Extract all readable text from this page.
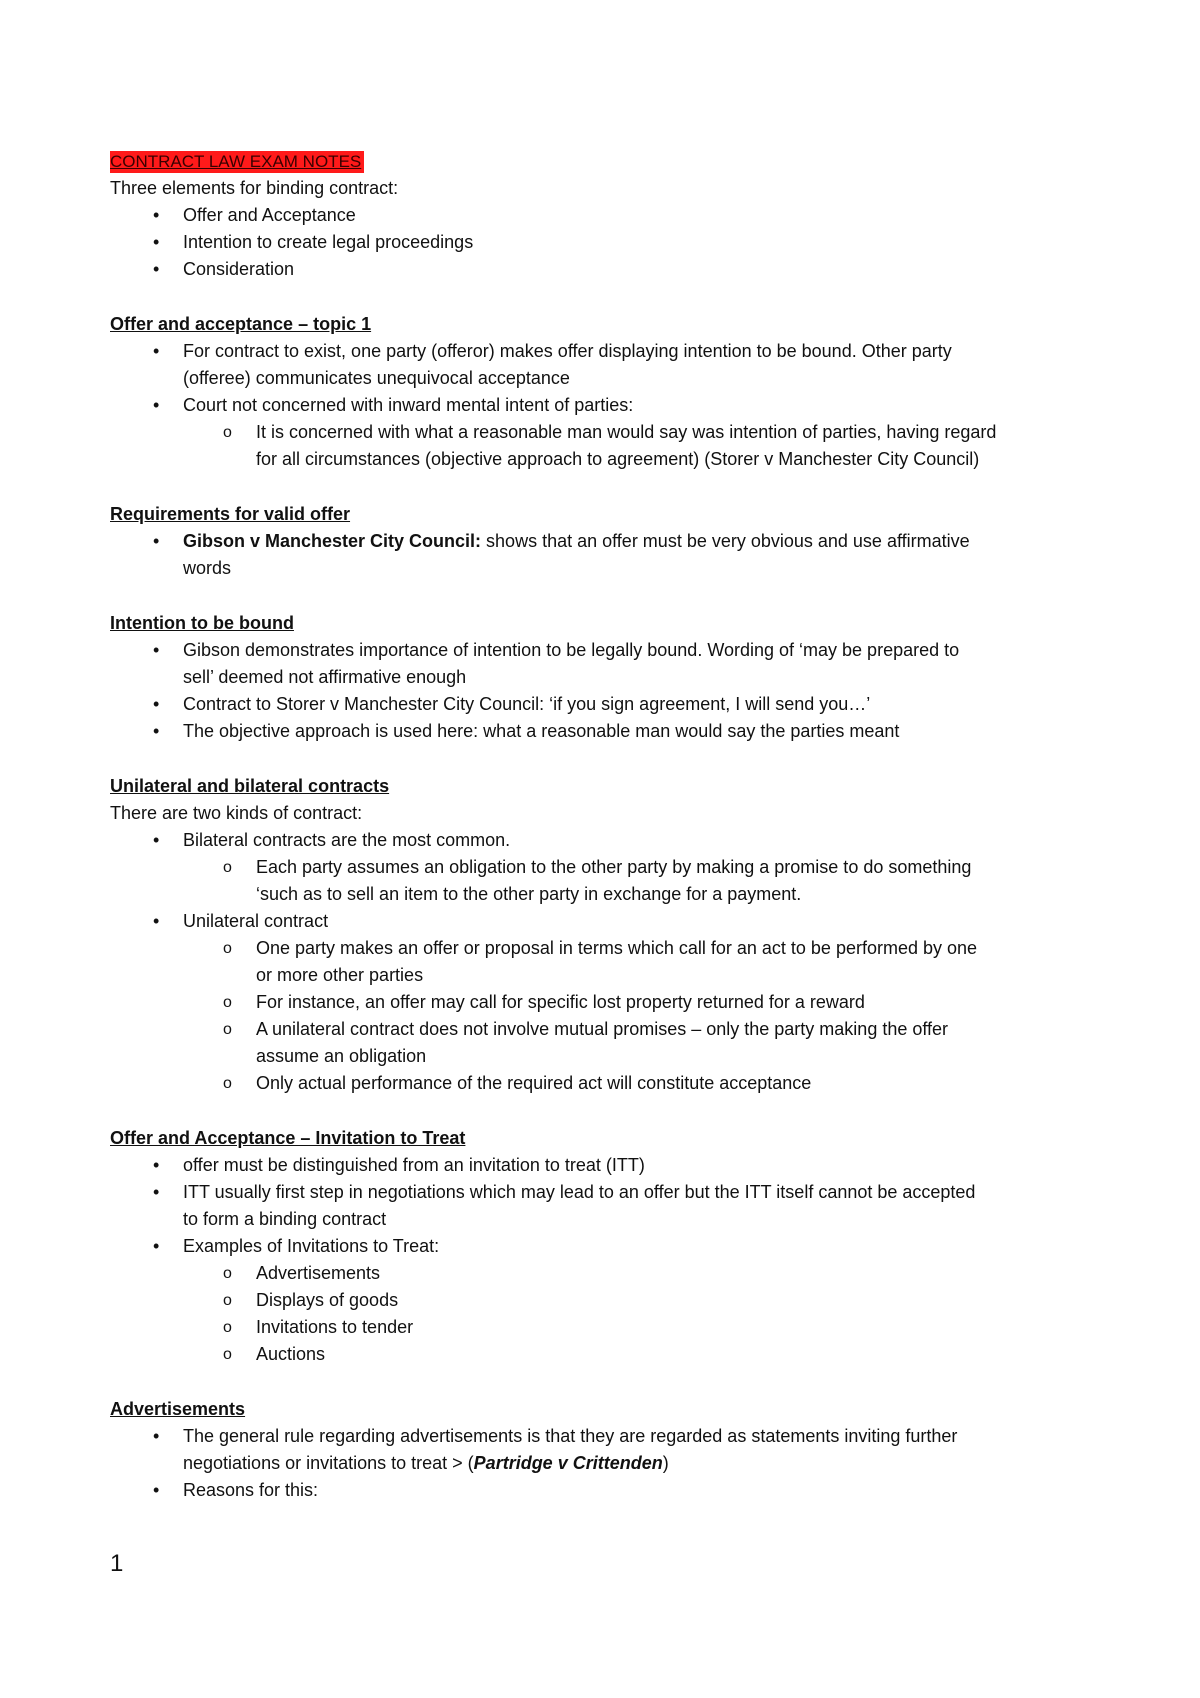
CONTRACT LAW EXAM NOTES
Three elements for binding contract:
• Offer and Acceptance
• Intention to create legal proceedings
• Consideration
Offer and acceptance – topic 1
• For contract to exist, one party (offeror) makes offer displaying intention to be bound. Other party
(offeree) communicates unequivocal acceptance
• Court not concerned with inward mental intent of parties:
o It is concerned with what a reasonable man would say was intention of parties, having regard
for all circumstances (objective approach to agreement) (Storer v Manchester City Council)
Requirements for valid offer
• Gibson v Manchester City Council: shows that an offer must be very obvious and use affirmative
words
Intention to be bound
• Gibson demonstrates importance of intention to be legally bound. Wording of ‘may be prepared to
sell’ deemed not affirmative enough
• Contract to Storer v Manchester City Council: ‘if you sign agreement, I will send you…’
• The objective approach is used here: what a reasonable man would say the parties meant
Unilateral and bilateral contracts
There are two kinds of contract:
• Bilateral contracts are the most common.
o Each party assumes an obligation to the other party by making a promise to do something
‘such as to sell an item to the other party in exchange for a payment.
• Unilateral contract
o One party makes an offer or proposal in terms which call for an act to be performed by one
or more other parties
o For instance, an offer may call for specific lost property returned for a reward
o A unilateral contract does not involve mutual promises – only the party making the offer
assume an obligation
o Only actual performance of the required act will constitute acceptance
Offer and Acceptance – Invitation to Treat
• offer must be distinguished from an invitation to treat (ITT)
• ITT usually first step in negotiations which may lead to an offer but the ITT itself cannot be accepted
to form a binding contract
• Examples of Invitations to Treat:
o Advertisements
o Displays of goods
o Invitations to tender
o Auctions
Advertisements
• The general rule regarding advertisements is that they are regarded as statements inviting further
negotiations or invitations to treat > (Partridge v Crittenden)
• Reasons for this:
1
